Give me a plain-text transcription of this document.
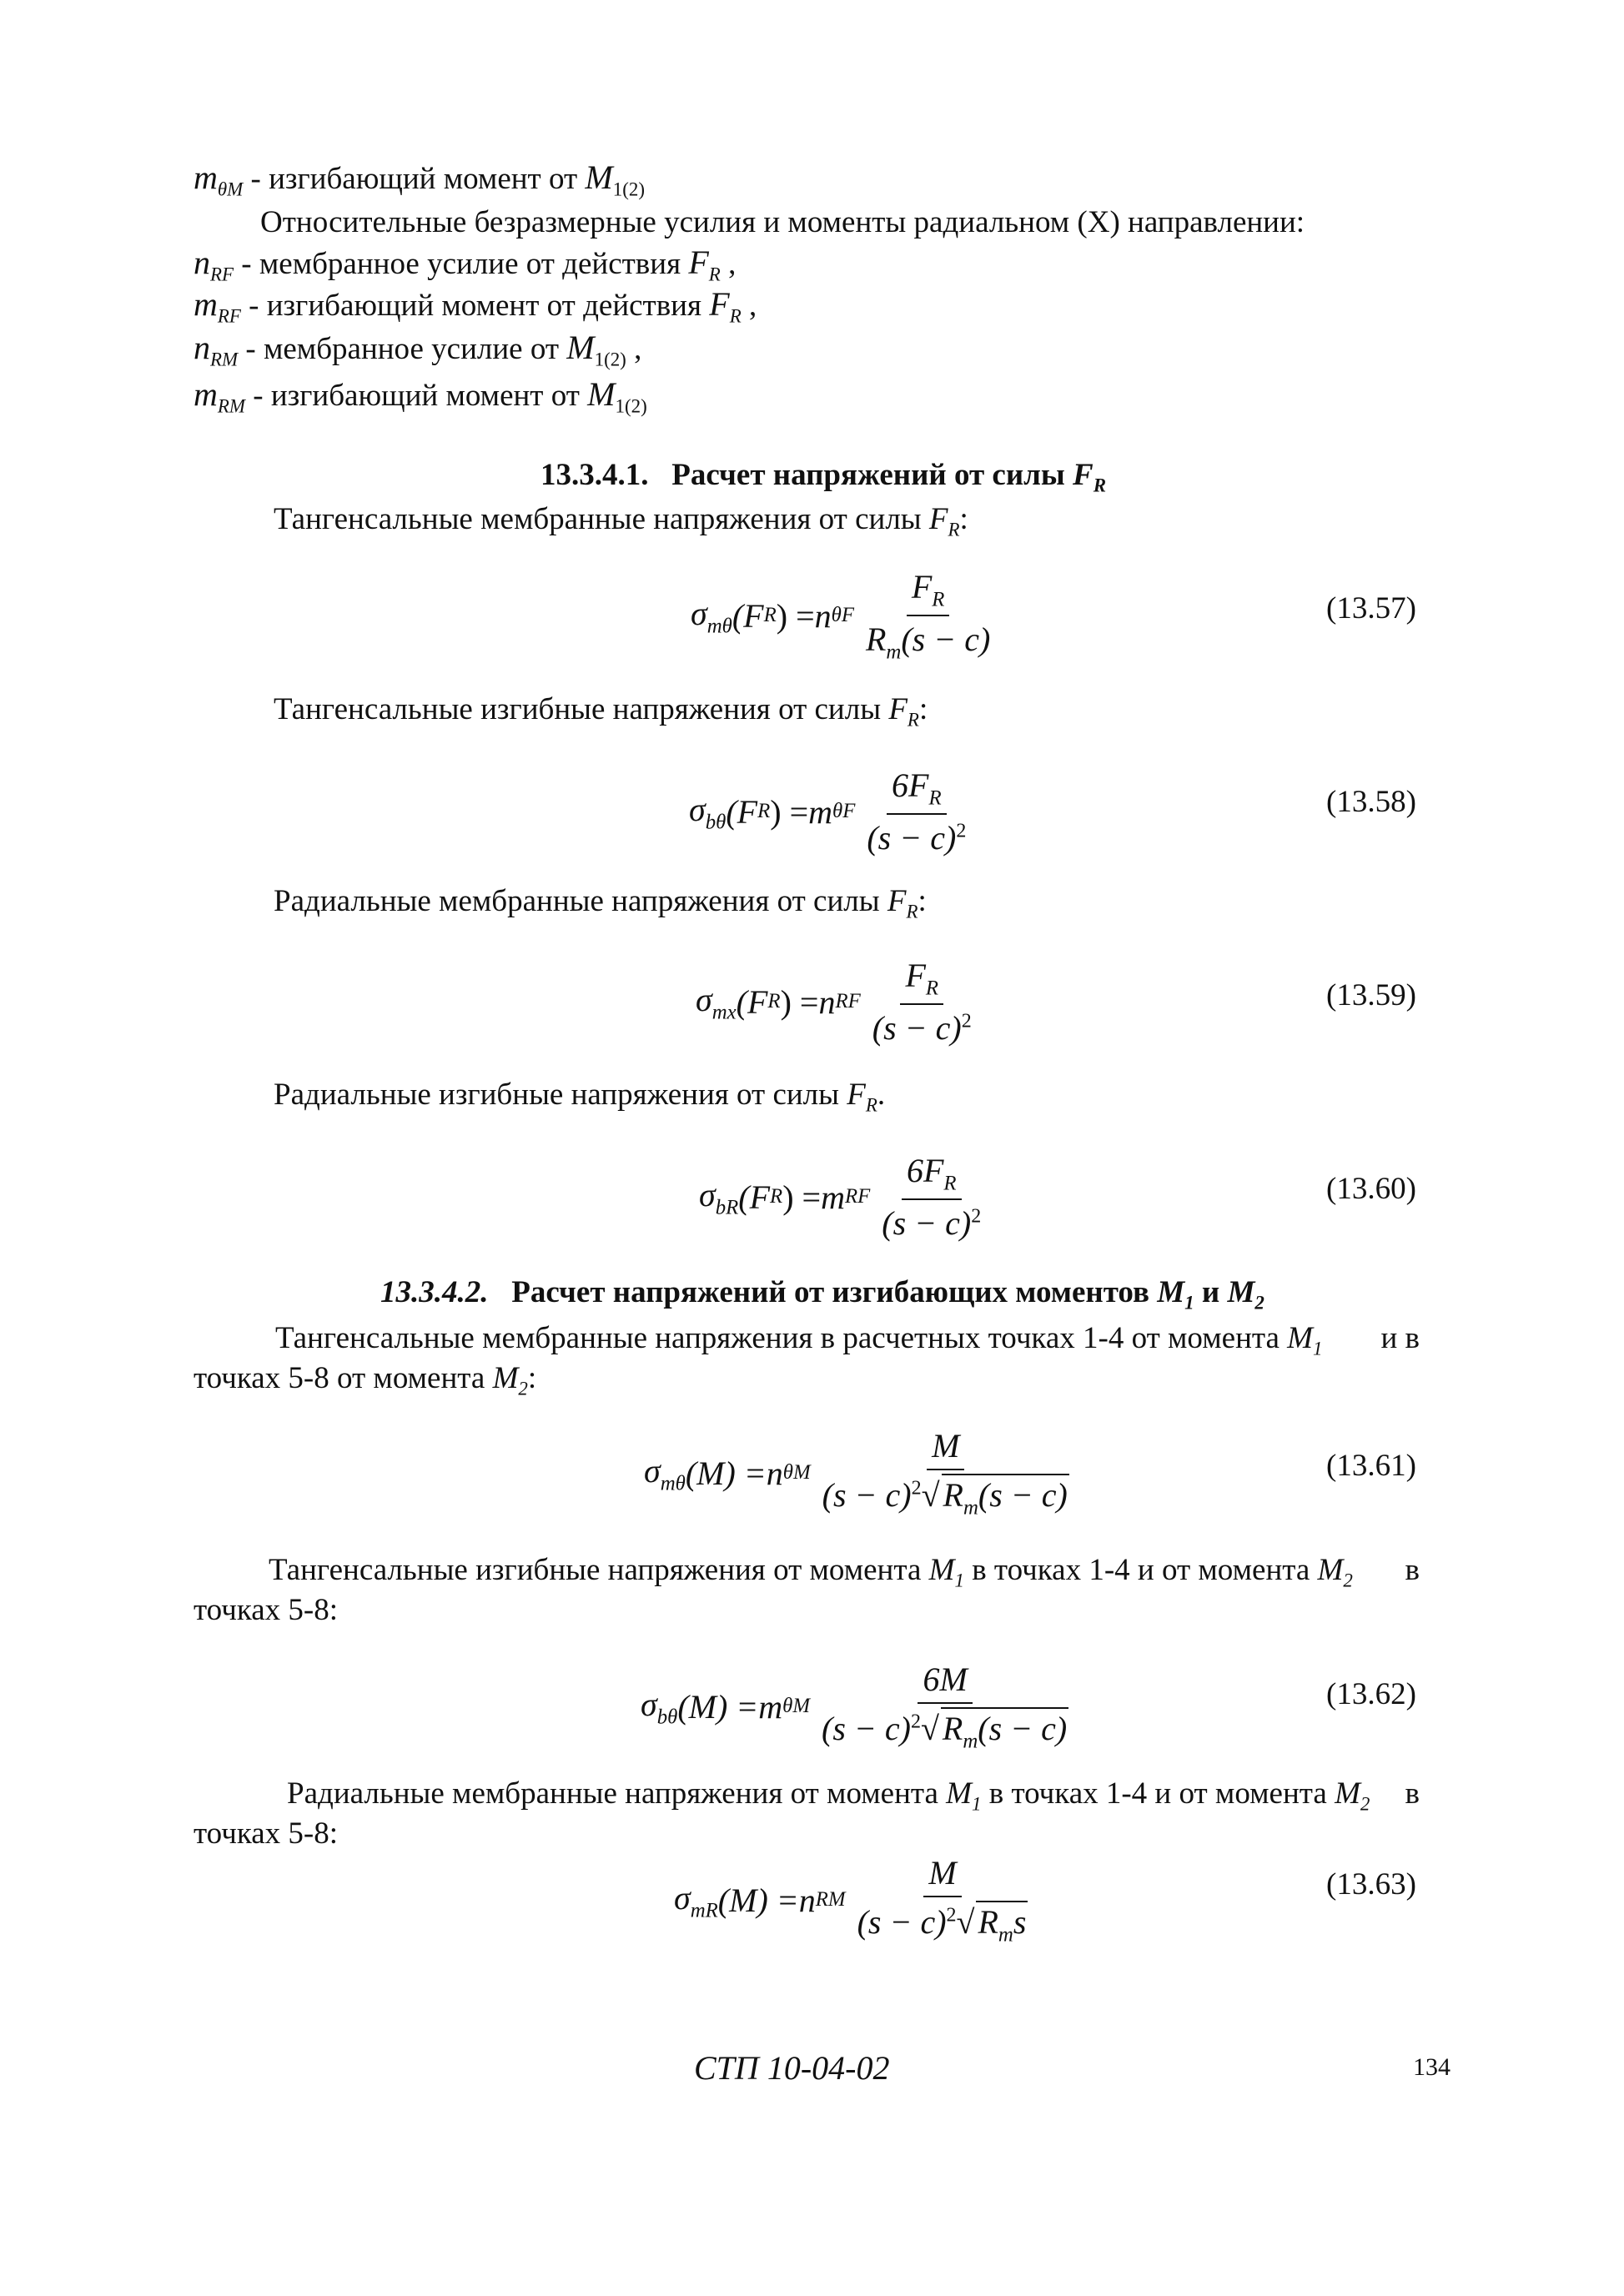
$m_{\theta M}$ - изгибающий момент от $M_{1(2)}$
Относительные безразмерные усилия и моменты радиальном (X) направлении:
$n_{RF}$ - мембранное усилие от действия $F_R$ ,
$m_{RF}$ - изгибающий момент от действия $F_R$ ,
$n_{RM}$ - мембранное усилие от $M_{1(2)}$ ,
$m_{RM}$ - изгибающий момент от $M_{1(2)}$
13.3.4.1. Расчет напряжений от силы $F_R$
Тангенсальные мембранные напряжения от силы $F_R$:
$\sigma_{m\theta}$ (F R ) = n θF $\frac{F_R}{R_m(s - c)}$	(13.57)
Тангенсальные изгибные напряжения от силы $F_R$:
$\sigma_{b\theta}$ (F R ) = m θF $\frac{6F_R}{(s - c)^2}$	(13.58)
Радиальные мембранные напряжения от силы $F_R$:
$\sigma_{mx}$ (F R ) = n RF $\frac{F_R}{(s - c)^2}$	(13.59)
Радиальные изгибные напряжения от силы $F_R$.
$\sigma_{bR}$ (F R ) = m RF $\frac{6F_R}{(s - c)^2}$	(13.60)
13.3.4.2. Расчет напряжений от изгибающих моментов $M_1$ и $M_2$
Тангенсальные мембранные напряжения в расчетных точках 1-4 от момента $M_1$ и в
точках 5-8 от момента $M_2$:
$\sigma_{m\theta}$ (M) = n θM $\frac{M}{(s - c)^2√ R_m(s - c)}$	(13.61)
Тангенсальные изгибные напряжения от момента $M_1$ в точках 1-4 и от момента $M_2$ в
точках 5-8:
$\sigma_{b\theta}$ (M) = m θM $\frac{6M}{(s - c)^2√ R_m(s - c)}$	(13.62)
Радиальные мембранные напряжения от момента $M_1$ в точках 1-4 и от момента $M_2$ в
точках 5-8:
$\sigma_{mR}$ (M) = n RM $\frac{M}{(s - c)^2√ R_ms}$	(13.63)
СТП 10-04-02	134
